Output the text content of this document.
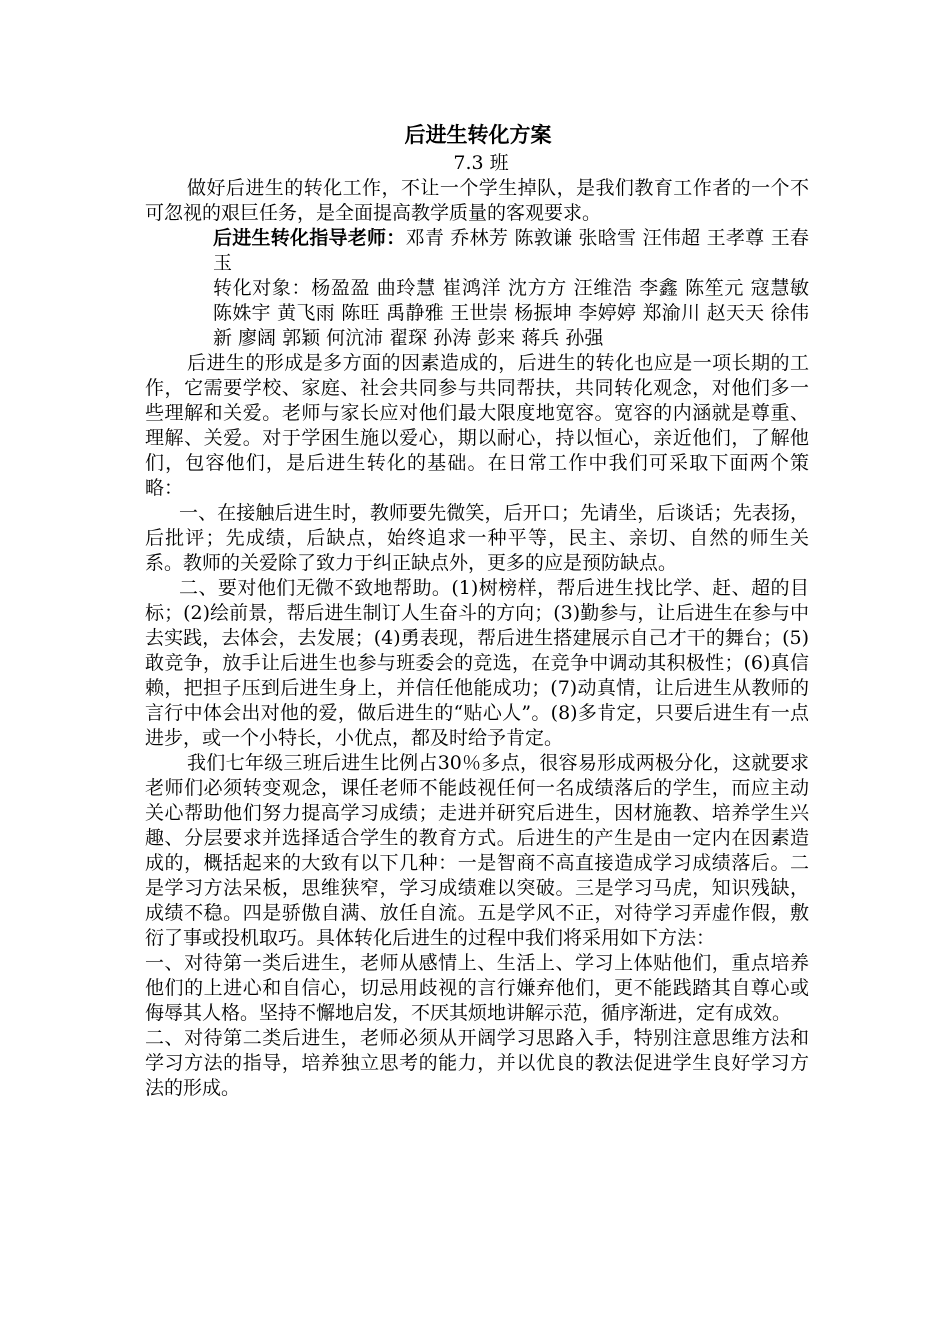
后进生转化方案
7.3 班

做好后进生的转化工作，不让一个学生掉队，是我们教育工作者的一个不可忽视的艰巨任务，是全面提高教学质量的客观要求。

后进生转化指导老师：邓青 乔林芳 陈敦谦 张晗雪 汪伟超 王孝尊 王春玉

转化对象：杨盈盈 曲玲慧 崔鸿洋 沈方方 汪维浩 李鑫 陈笙元 寇慧敏 陈姝宇 黄飞雨 陈旺 禹静雅 王世崇 杨振坤 李婷婷 郑渝川 赵天天 徐伟新 廖阔 郭颖 何沆沛 翟琛 孙涛 彭来 蒋兵 孙强

后进生的形成是多方面的因素造成的，后进生的转化也应是一项长期的工作，它需要学校、家庭、社会共同参与共同帮扶，共同转化观念，对他们多一些理解和关爱。老师与家长应对他们最大限度地宽容。宽容的内涵就是尊重、理解、关爱。对于学困生施以爱心，期以耐心，持以恒心，亲近他们，了解他们，包容他们，是后进生转化的基础。在日常工作中我们可采取下面两个策略：

一、在接触后进生时，教师要先微笑，后开口；先请坐，后谈话；先表扬，后批评；先成绩，后缺点，始终追求一种平等，民主、亲切、自然的师生关系。教师的关爱除了致力于纠正缺点外，更多的应是预防缺点。

二、要对他们无微不致地帮助。(1)树榜样，帮后进生找比学、赶、超的目标；(2)绘前景，帮后进生制订人生奋斗的方向；(3)勤参与，让后进生在参与中去实践，去体会，去发展；(4)勇表现，帮后进生搭建展示自己才干的舞台；(5)敢竞争，放手让后进生也参与班委会的竞选，在竞争中调动其积极性；(6)真信赖，把担子压到后进生身上，并信任他能成功；(7)动真情，让后进生从教师的言行中体会出对他的爱，做后进生的“贴心人”。(8)多肯定，只要后进生有一点进步，或一个小特长，小优点，都及时给予肯定。

我们七年级三班后进生比例占30％多点，很容易形成两极分化，这就要求老师们必须转变观念，课任老师不能歧视任何一名成绩落后的学生，而应主动关心帮助他们努力提高学习成绩；走进并研究后进生，因材施教、培养学生兴趣、分层要求并选择适合学生的教育方式。后进生的产生是由一定内在因素造成的，概括起来的大致有以下几种：一是智商不高直接造成学习成绩落后。二是学习方法呆板，思维狭窄，学习成绩难以突破。三是学习马虎，知识残缺，成绩不稳。四是骄傲自满、放任自流。五是学风不正，对待学习弄虚作假，敷衍了事或投机取巧。具体转化后进生的过程中我们将采用如下方法：

一、对待第一类后进生，老师从感情上、生活上、学习上体贴他们，重点培养他们的上进心和自信心，切忌用歧视的言行嫌弃他们，更不能践踏其自尊心或侮辱其人格。坚持不懈地启发，不厌其烦地讲解示范，循序渐进，定有成效。

二、对待第二类后进生，老师必须从开阔学习思路入手，特别注意思维方法和学习方法的指导，培养独立思考的能力，并以优良的教法促进学生良好学习方法的形成。
